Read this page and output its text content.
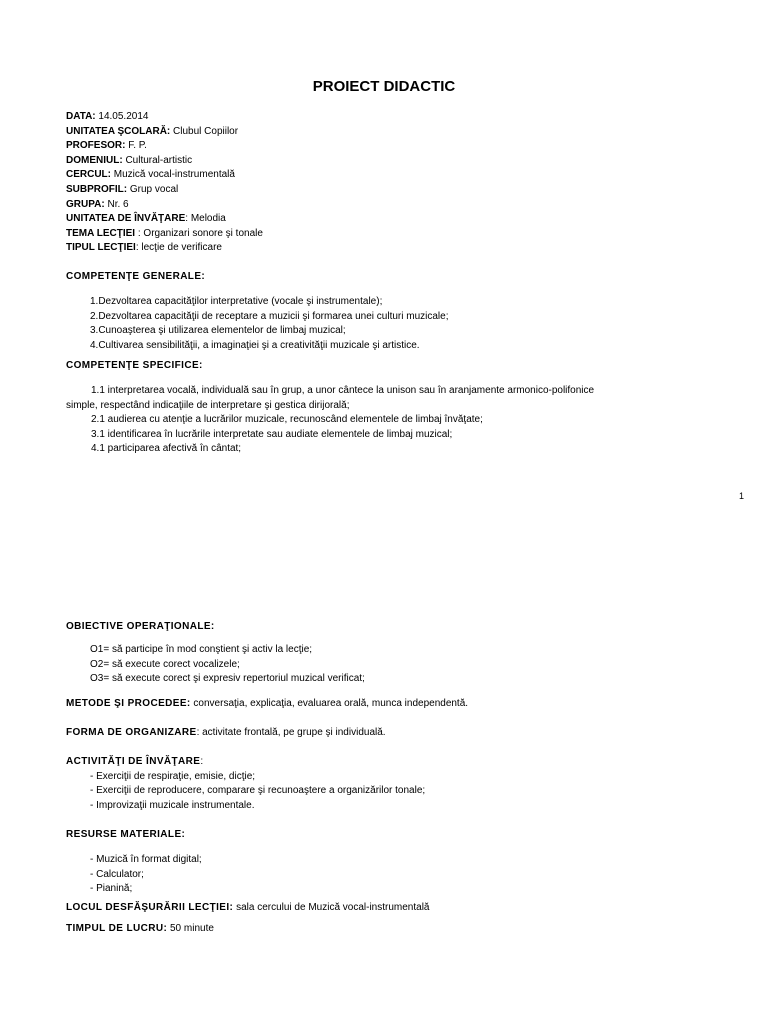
PROIECT DIDACTIC
DATA: 14.05.2014
UNITATEA ŞCOLARĂ: Clubul Copiilor
PROFESOR: F. P.
DOMENIUL: Cultural-artistic
CERCUL: Muzică vocal-instrumentală
SUBPROFIL: Grup vocal
GRUPA: Nr. 6
UNITATEA DE ÎNVĂŢARE: Melodia
TEMA LECŢIEI : Organizari sonore şi tonale
TIPUL LECŢIEI: lecţie de verificare
COMPETENŢE GENERALE:
1.Dezvoltarea capacităţilor interpretative (vocale şi instrumentale);
2.Dezvoltarea capacităţii de receptare a muzicii şi formarea unei culturi muzicale;
3.Cunoaşterea şi utilizarea elementelor de limbaj muzical;
4.Cultivarea sensibilităţii, a imaginaţiei şi a creativităţii muzicale şi artistice.
COMPETENŢE SPECIFICE:
1.1 interpretarea vocală, individuală sau în grup, a unor cântece la unison sau în aranjamente armonico-polifonice
simple, respectând indicaţiile de interpretare şi gestica dirijorală;
2.1 audierea cu atenţie a lucrărilor muzicale, recunoscând elementele de limbaj învăţate;
3.1 identificarea în lucrările interpretate sau audiate elementele de limbaj muzical;
4.1 participarea afectivă în cântat;
1
OBIECTIVE OPERAŢIONALE:
O1= să participe în mod conştient şi activ la lecţie;
O2= să execute corect vocalizele;
O3= să execute corect şi expresiv repertoriul muzical verificat;
METODE ŞI PROCEDEE: conversaţia, explicaţia, evaluarea orală, munca independentă.
FORMA DE ORGANIZARE: activitate frontală, pe grupe şi individuală.
ACTIVITĂŢI DE ÎNVĂŢARE:
- Exerciţii de respiraţie, emisie, dicţie;
- Exerciţii de reproducere, comparare şi recunoaştere a organizărilor tonale;
- Improvizaţii muzicale instrumentale.
RESURSE MATERIALE:
- Muzică în format digital;
- Calculator;
- Pianină;
LOCUL DESFĂŞURĂRII LECŢIEI: sala cercului de Muzică vocal-instrumentală
TIMPUL DE LUCRU: 50 minute
